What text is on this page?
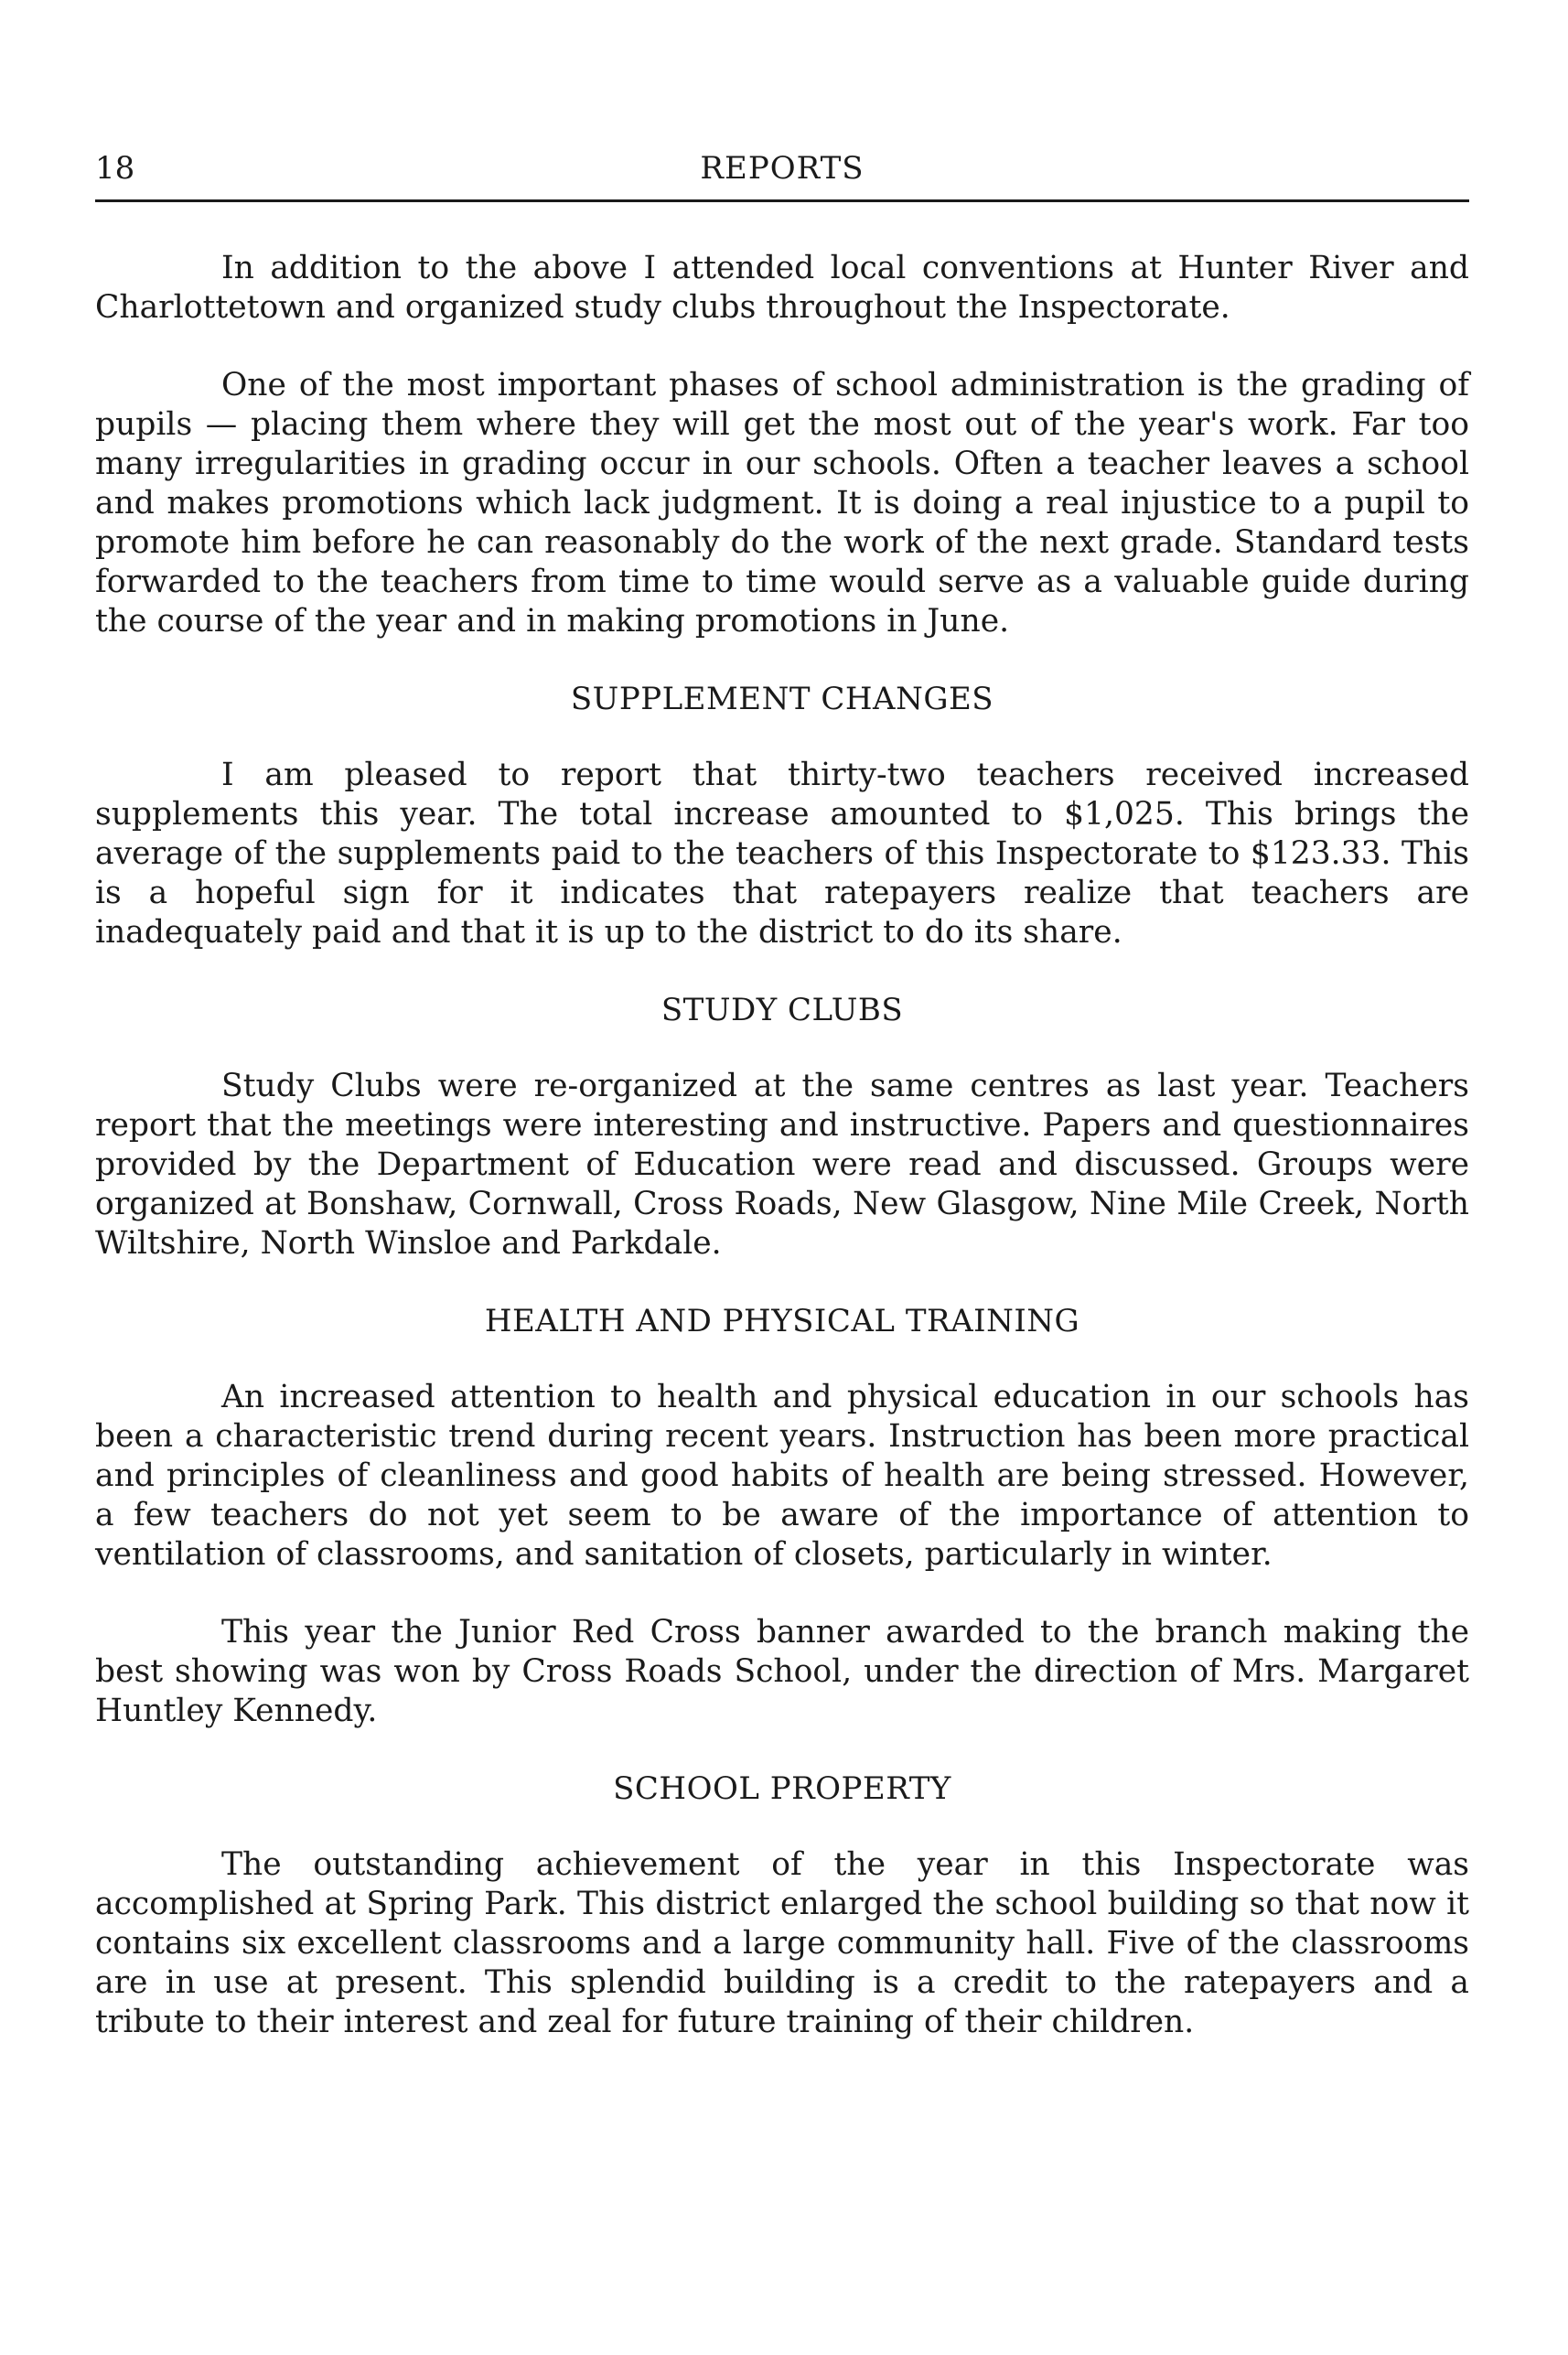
18	REPORTS

In addition to the above I attended local conventions at Hunter River and Charlottetown and organized study clubs throughout the Inspectorate.

One of the most important phases of school administration is the grading of pupils — placing them where they will get the most out of the year's work. Far too many irregularities in grading occur in our schools. Often a teacher leaves a school and makes promotions which lack judgment. It is doing a real injustice to a pupil to promote him before he can reasonably do the work of the next grade. Standard tests forwarded to the teachers from time to time would serve as a valuable guide during the course of the year and in making promotions in June.

SUPPLEMENT CHANGES

I am pleased to report that thirty-two teachers received increased supplements this year. The total increase amounted to $1,025. This brings the average of the supplements paid to the teachers of this Inspectorate to $123.33. This is a hopeful sign for it indicates that ratepayers realize that teachers are inadequately paid and that it is up to the district to do its share.

STUDY CLUBS

Study Clubs were re-organized at the same centres as last year. Teachers report that the meetings were interesting and instructive. Papers and questionnaires provided by the Department of Education were read and discussed. Groups were organized at Bonshaw, Cornwall, Cross Roads, New Glasgow, Nine Mile Creek, North Wiltshire, North Winsloe and Parkdale.

HEALTH AND PHYSICAL TRAINING

An increased attention to health and physical education in our schools has been a characteristic trend during recent years. Instruction has been more practical and principles of cleanliness and good habits of health are being stressed. However, a few teachers do not yet seem to be aware of the importance of attention to ventilation of classrooms, and sanitation of closets, particularly in winter.

This year the Junior Red Cross banner awarded to the branch making the best showing was won by Cross Roads School, under the direction of Mrs. Margaret Huntley Kennedy.

SCHOOL PROPERTY

The outstanding achievement of the year in this Inspectorate was accomplished at Spring Park. This district enlarged the school building so that now it contains six excellent classrooms and a large community hall. Five of the classrooms are in use at present. This splendid building is a credit to the ratepayers and a tribute to their interest and zeal for future training of their children.
